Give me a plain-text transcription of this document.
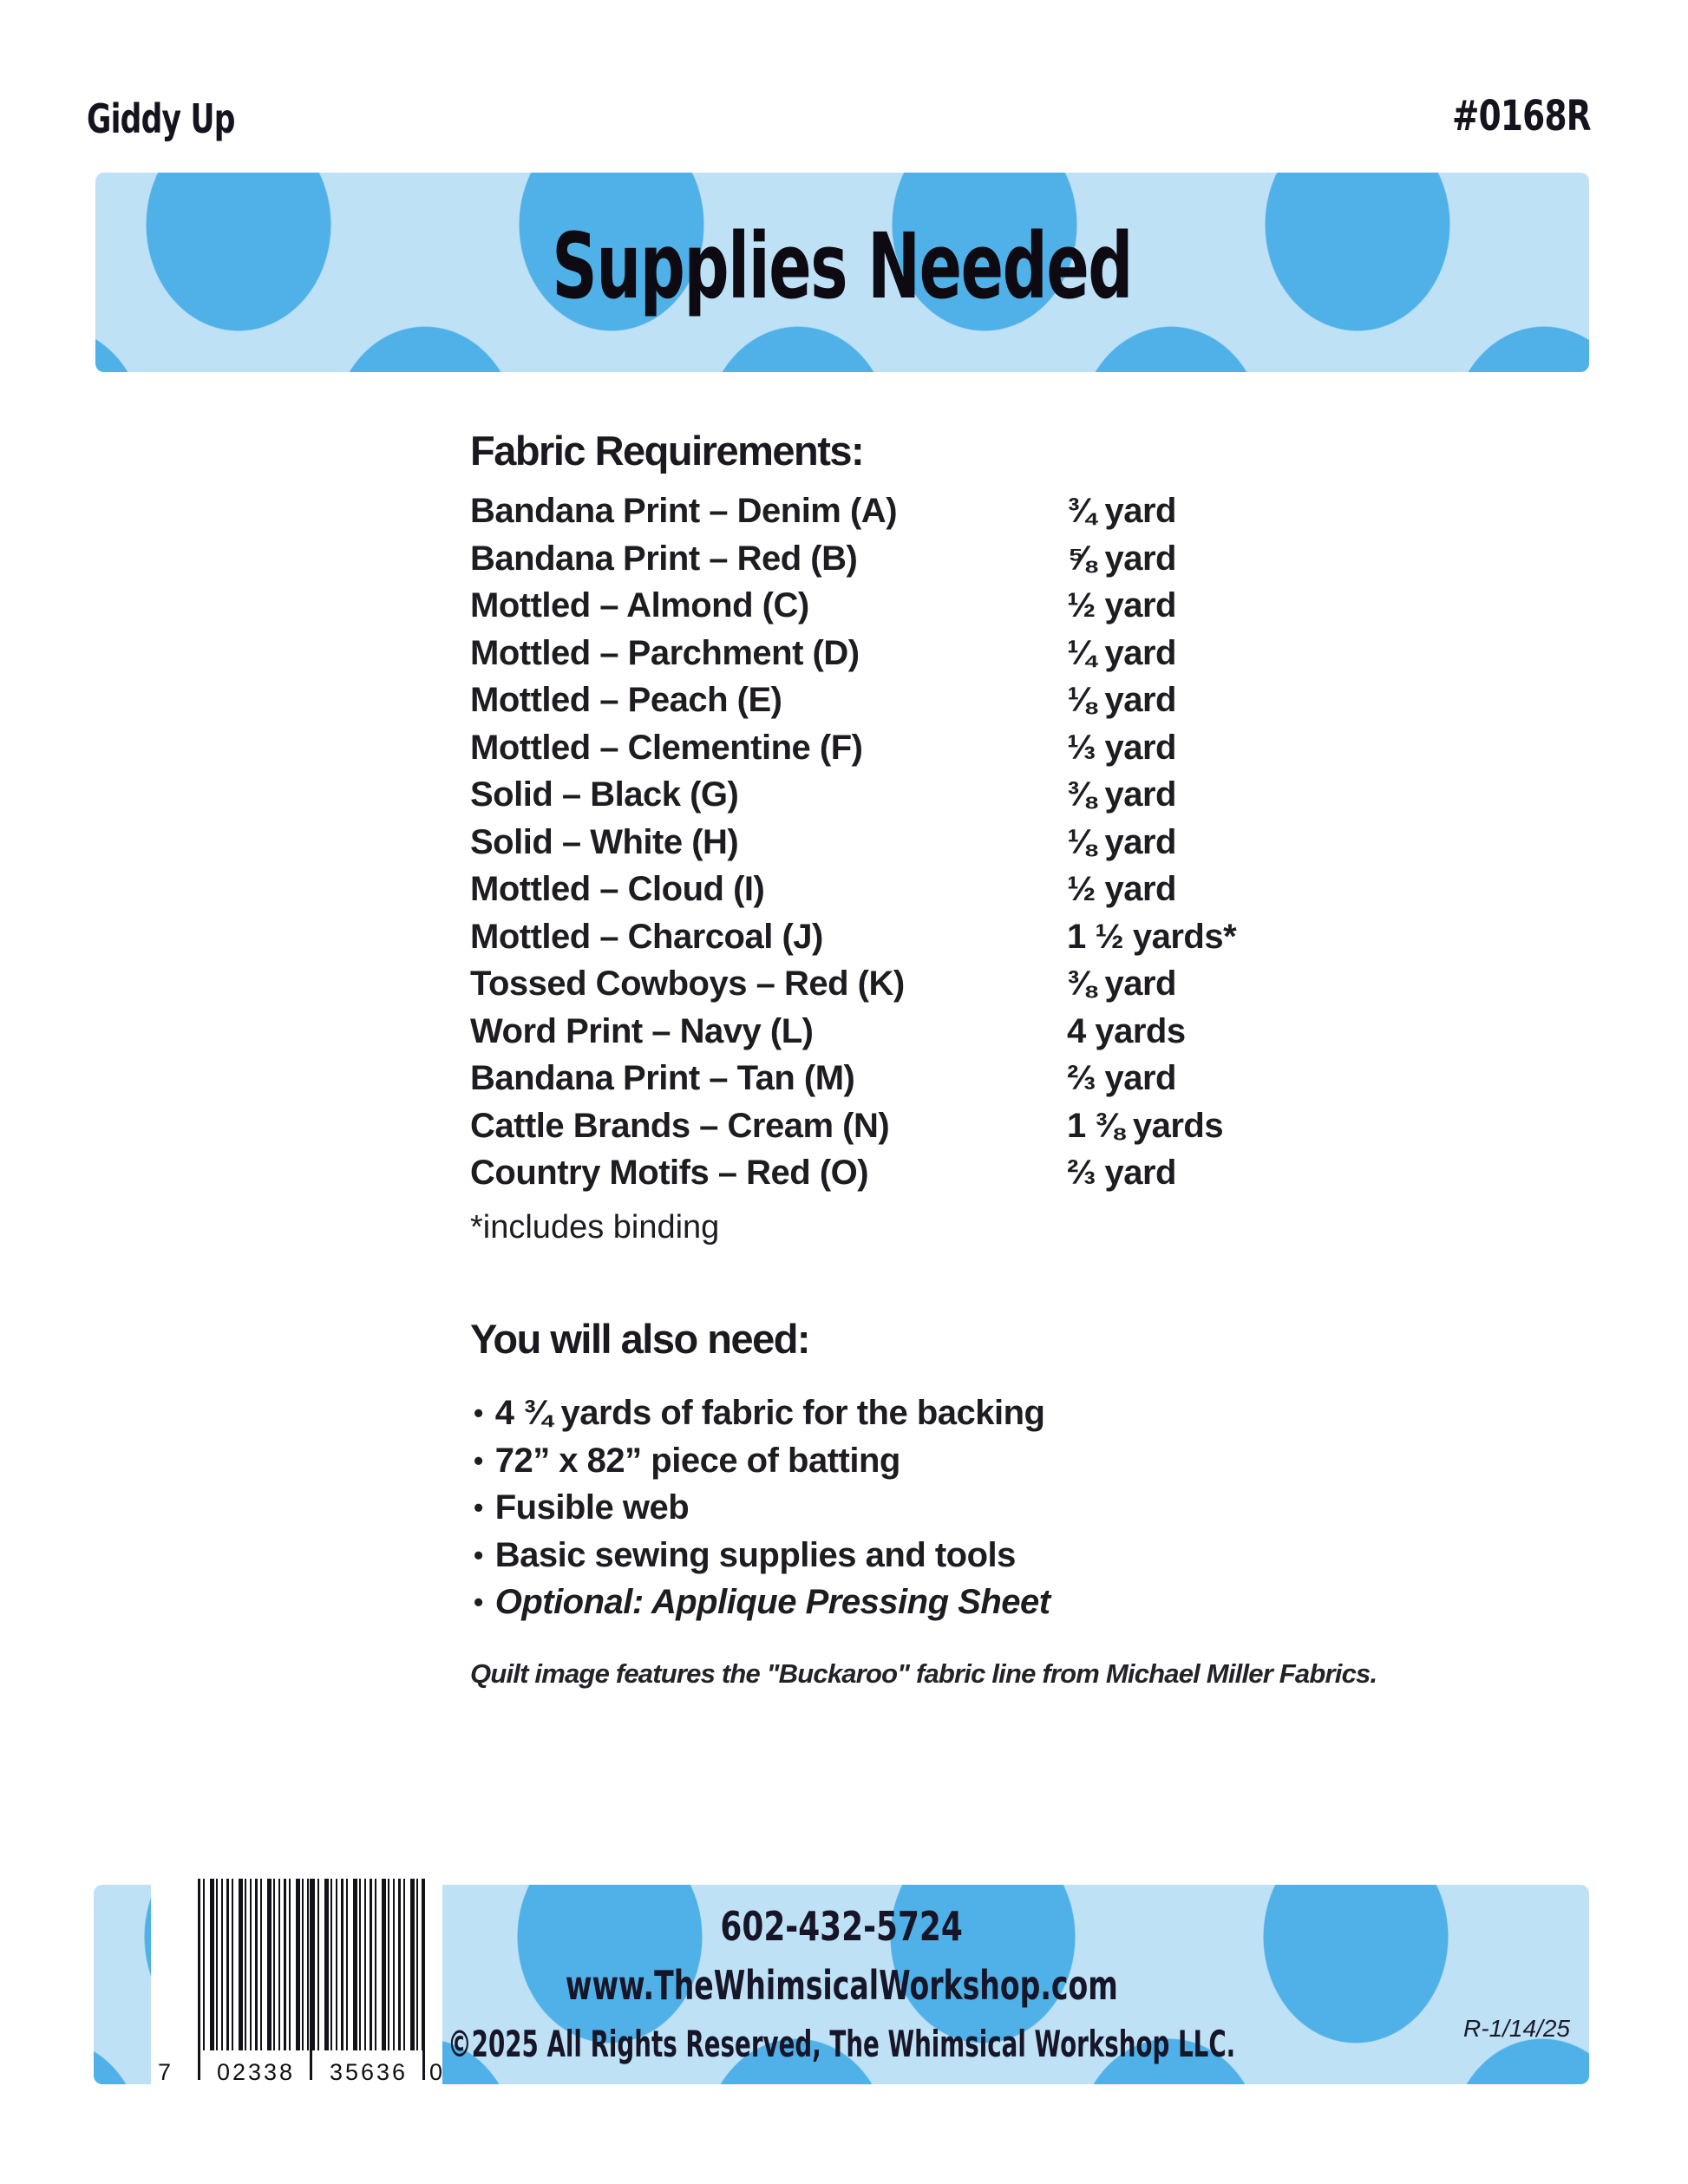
Giddy Up	#0168R
Supplies Needed
Fabric Requirements:
Bandana Print – Denim (A)	¾ yard
Bandana Print – Red (B)	⅝ yard
Mottled – Almond (C)	½ yard
Mottled – Parchment (D)	¼ yard
Mottled – Peach (E)	⅛ yard
Mottled – Clementine (F)	⅓ yard
Solid – Black (G)	⅜ yard
Solid – White (H)	⅛ yard
Mottled – Cloud (I)	½ yard
Mottled – Charcoal (J)	1 ½ yards*
Tossed Cowboys – Red (K)	⅜ yard
Word Print – Navy (L)	4 yards
Bandana Print – Tan (M)	⅔ yard
Cattle Brands – Cream (N)	1 ⅜ yards
Country Motifs – Red (O)	⅔ yard
*includes binding
You will also need:
• 4 ¾ yards of fabric for the backing
• 72” x 82” piece of batting
• Fusible web
• Basic sewing supplies and tools
• Optional: Applique Pressing Sheet
Quilt image features the "Buckaroo" fabric line from Michael Miller Fabrics.
602-432-5724
www.TheWhimsicalWorkshop.com
©2025 All Rights Reserved, The Whimsical Workshop LLC.	R-1/14/25
7	02338	35636 0
